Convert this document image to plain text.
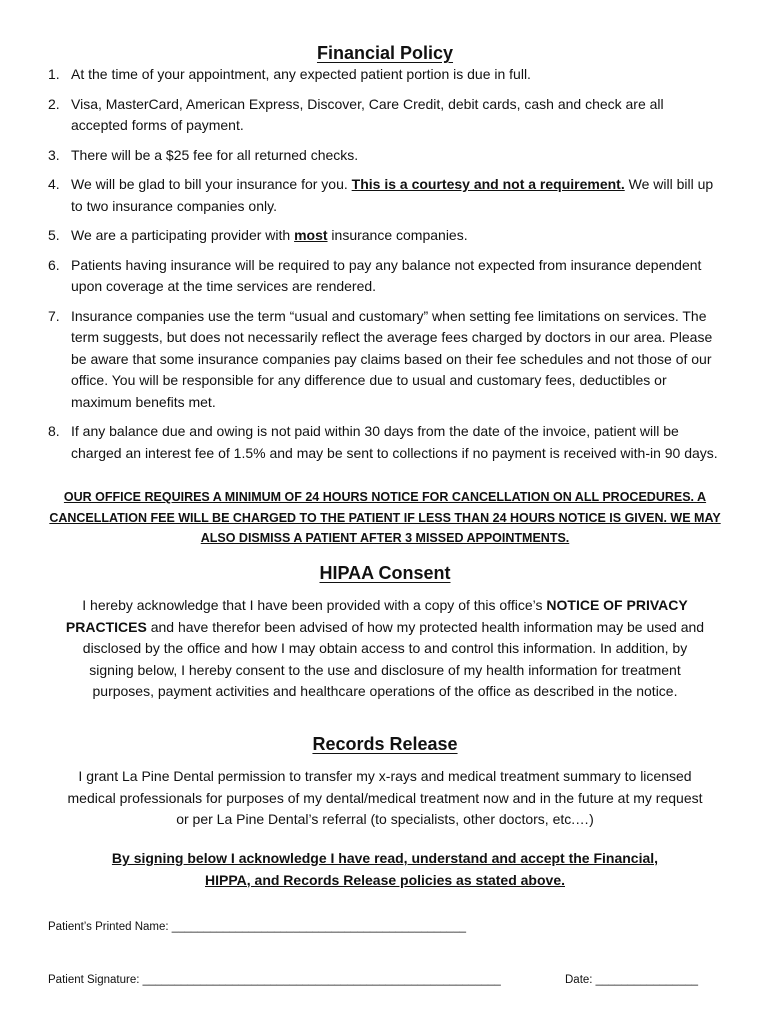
Financial Policy
1. At the time of your appointment, any expected patient portion is due in full.
2. Visa, MasterCard, American Express, Discover, Care Credit, debit cards, cash and check are all accepted forms of payment.
3. There will be a $25 fee for all returned checks.
4. We will be glad to bill your insurance for you. This is a courtesy and not a requirement. We will bill up to two insurance companies only.
5. We are a participating provider with most insurance companies.
6. Patients having insurance will be required to pay any balance not expected from insurance dependent upon coverage at the time services are rendered.
7. Insurance companies use the term “usual and customary” when setting fee limitations on services. The term suggests, but does not necessarily reflect the average fees charged by doctors in our area. Please be aware that some insurance companies pay claims based on their fee schedules and not those of our office. You will be responsible for any difference due to usual and customary fees, deductibles or maximum benefits met.
8. If any balance due and owing is not paid within 30 days from the date of the invoice, patient will be charged an interest fee of 1.5% and may be sent to collections if no payment is received with-in 90 days.
OUR OFFICE REQUIRES A MINIMUM OF 24 HOURS NOTICE FOR CANCELLATION ON ALL PROCEDURES. A CANCELLATION FEE WILL BE CHARGED TO THE PATIENT IF LESS THAN 24 HOURS NOTICE IS GIVEN. WE MAY ALSO DISMISS A PATIENT AFTER 3 MISSED APPOINTMENTS.
HIPAA Consent
I hereby acknowledge that I have been provided with a copy of this office’s NOTICE OF PRIVACY PRACTICES and have therefor been advised of how my protected health information may be used and disclosed by the office and how I may obtain access to and control this information. In addition, by signing below, I hereby consent to the use and disclosure of my health information for treatment purposes, payment activities and healthcare operations of the office as described in the notice.
Records Release
I grant La Pine Dental permission to transfer my x-rays and medical treatment summary to licensed medical professionals for purposes of my dental/medical treatment now and in the future at my request or per La Pine Dental’s referral (to specialists, other doctors, etc.…)
By signing below I acknowledge I have read, understand and accept the Financial, HIPPA, and Records Release policies as stated above.
Patient’s Printed Name: ______________________________________________
Patient Signature: ________________________________________________________	Date: ________________
